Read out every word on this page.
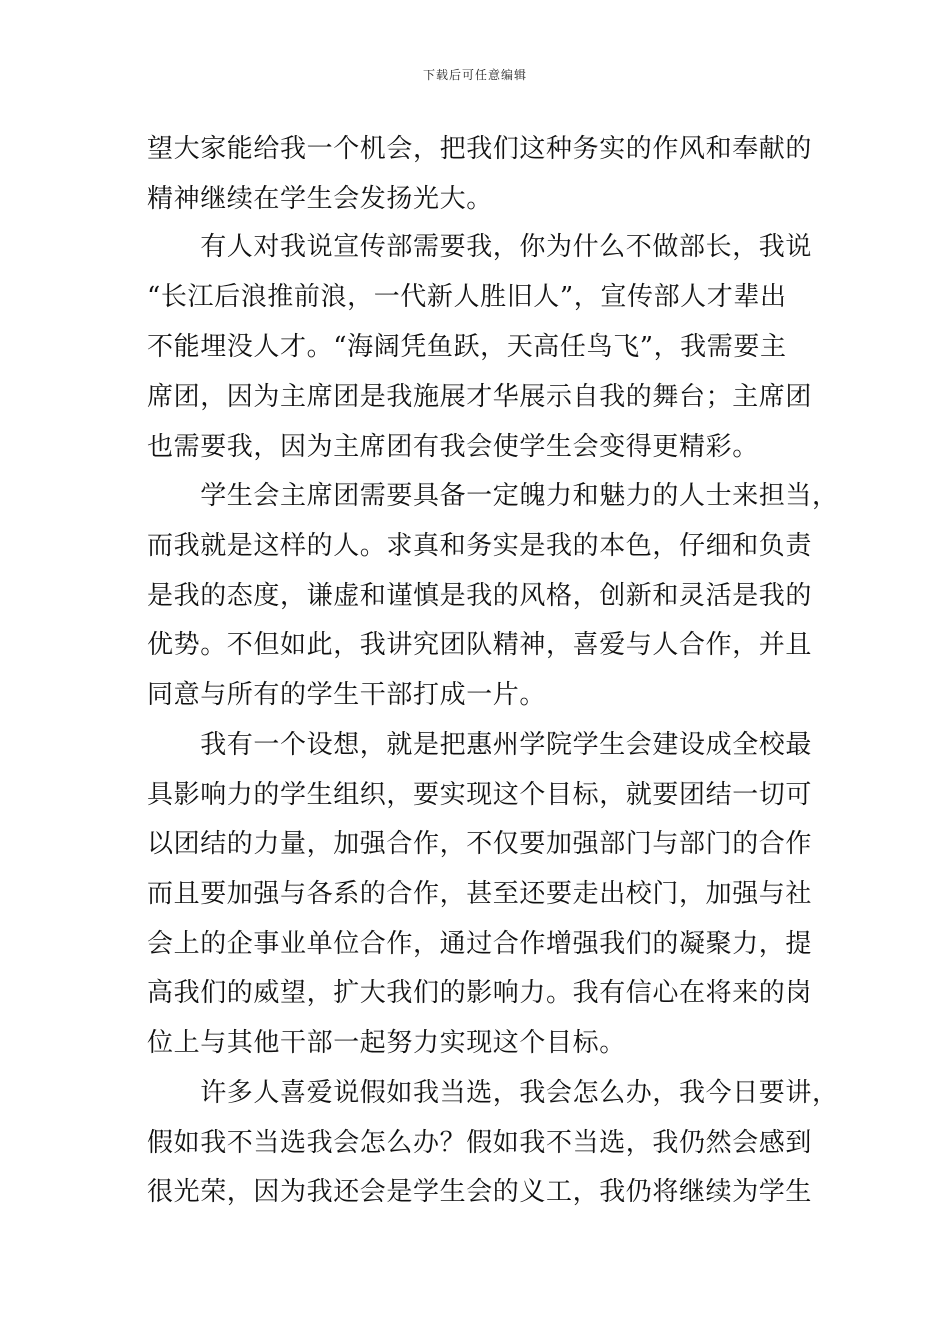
下载后可任意编辑
望大家能给我一个机会，把我们这种务实的作风和奉献的
精神继续在学生会发扬光大。
　　有人对我说宣传部需要我，你为什么不做部长，我说
“长江后浪推前浪，一代新人胜旧人”，宣传部人才辈出
不能埋没人才。“海阔凭鱼跃，天高任鸟飞”，我需要主
席团，因为主席团是我施展才华展示自我的舞台；主席团
也需要我，因为主席团有我会使学生会变得更精彩。
　　学生会主席团需要具备一定魄力和魅力的人士来担当，
而我就是这样的人。求真和务实是我的本色，仔细和负责
是我的态度，谦虚和谨慎是我的风格，创新和灵活是我的
优势。不但如此，我讲究团队精神，喜爱与人合作，并且
同意与所有的学生干部打成一片。
　　我有一个设想，就是把惠州学院学生会建设成全校最
具影响力的学生组织，要实现这个目标，就要团结一切可
以团结的力量，加强合作，不仅要加强部门与部门的合作
而且要加强与各系的合作，甚至还要走出校门，加强与社
会上的企事业单位合作，通过合作增强我们的凝聚力，提
高我们的威望，扩大我们的影响力。我有信心在将来的岗
位上与其他干部一起努力实现这个目标。
　　许多人喜爱说假如我当选，我会怎么办，我今日要讲，
假如我不当选我会怎么办？假如我不当选，我仍然会感到
很光荣，因为我还会是学生会的义工，我仍将继续为学生
